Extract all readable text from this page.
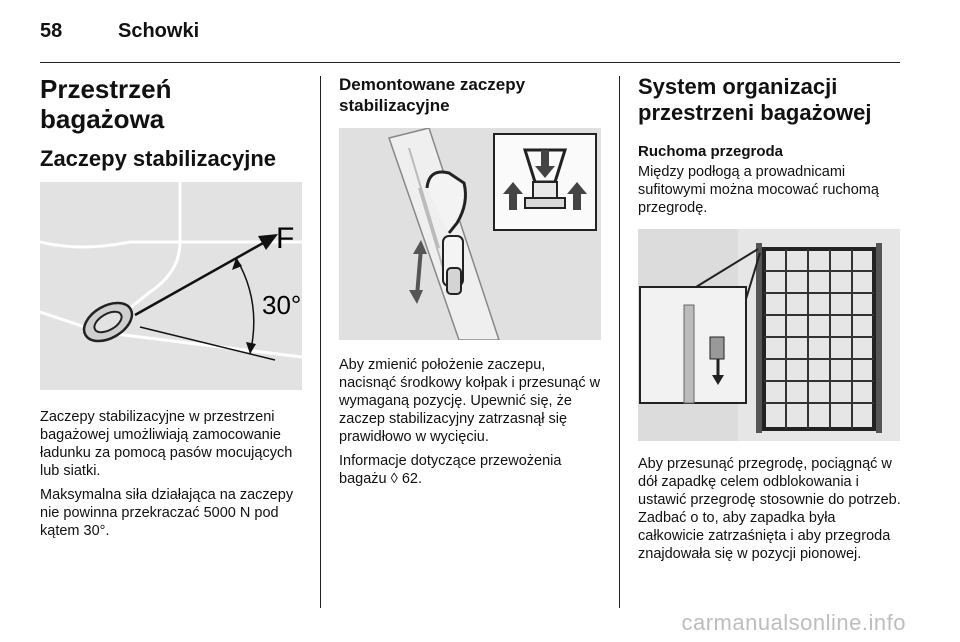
58	Schowki
Przestrzeń bagażowa
Zaczepy stabilizacyjne
F
30°

Zaczepy stabilizacyjne w przestrzeni bagażowej umożliwiają zamocowanie ładunku za pomocą pasów mocujących lub siatki.

Maksymalna siła działająca na zaczepy nie powinna przekraczać 5000 N pod kątem 30°.

Demontowane zaczepy stabilizacyjne

Aby zmienić położenie zaczepu, nacisnąć środkowy kołpak i przesunąć w wymaganą pozycję. Upewnić się, że zaczep stabilizacyjny zatrzasnął się prawidłowo w wycięciu.

Informacje dotyczące przewożenia bagażu ◊ 62.

System organizacji przestrzeni bagażowej
Ruchoma przegroda

Między podłogą a prowadnicami sufitowymi można mocować ruchomą przegrodę.

Aby przesunąć przegrodę, pociągnąć w dół zapadkę celem odblokowania i ustawić przegrodę stosownie do potrzeb. Zadbać o to, aby zapadka była całkowicie zatrzaśnięta i aby przegroda znajdowała się w pozycji pionowej.

carmanualsonline.info
